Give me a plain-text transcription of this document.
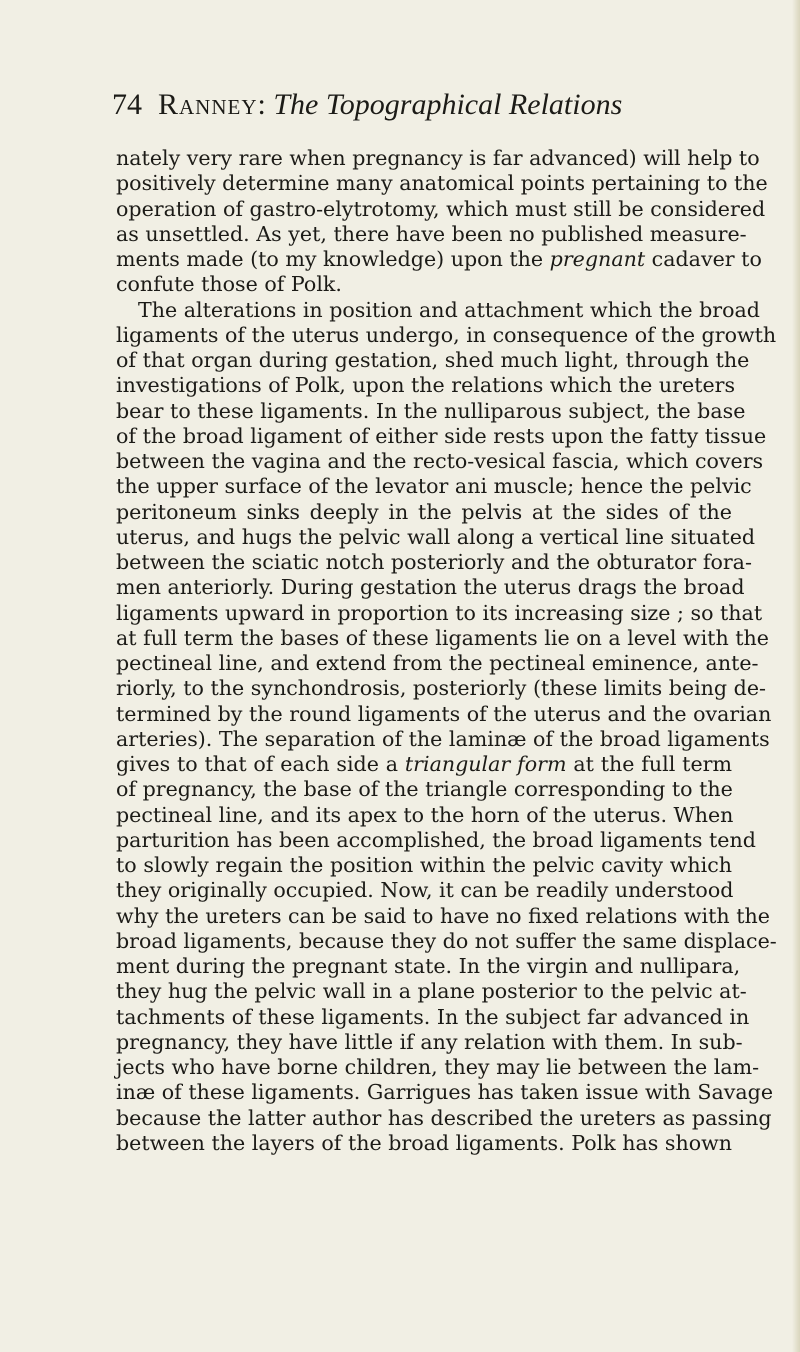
74 Ranney: The Topographical Relations
nately very rare when pregnancy is far advanced) will help to
positively determine many anatomical points pertaining to the
operation of gastro-elytrotomy, which must still be considered
as unsettled. As yet, there have been no published measure-
ments made (to my knowledge) upon the pregnant cadaver to
confute those of Polk.
The alterations in position and attachment which the broad
ligaments of the uterus undergo, in consequence of the growth
of that organ during gestation, shed much light, through the
investigations of Polk, upon the relations which the ureters
bear to these ligaments. In the nulliparous subject, the base
of the broad ligament of either side rests upon the fatty tissue
between the vagina and the recto-vesical fascia, which covers
the upper surface of the levator ani muscle; hence the pelvic
peritoneum sinks deeply in the pelvis at the sides of the
uterus, and hugs the pelvic wall along a vertical line situated
between the sciatic notch posteriorly and the obturator fora-
men anteriorly. During gestation the uterus drags the broad
ligaments upward in proportion to its increasing size ; so that
at full term the bases of these ligaments lie on a level with the
pectineal line, and extend from the pectineal eminence, ante-
riorly, to the synchondrosis, posteriorly (these limits being de-
termined by the round ligaments of the uterus and the ovarian
arteries). The separation of the laminæ of the broad ligaments
gives to that of each side a triangular form at the full term
of pregnancy, the base of the triangle corresponding to the
pectineal line, and its apex to the horn of the uterus. When
parturition has been accomplished, the broad ligaments tend
to slowly regain the position within the pelvic cavity which
they originally occupied. Now, it can be readily understood
why the ureters can be said to have no fixed relations with the
broad ligaments, because they do not suffer the same displace-
ment during the pregnant state. In the virgin and nullipara,
they hug the pelvic wall in a plane posterior to the pelvic at-
tachments of these ligaments. In the subject far advanced in
pregnancy, they have little if any relation with them. In sub-
jects who have borne children, they may lie between the lam-
inæ of these ligaments. Garrigues has taken issue with Savage
because the latter author has described the ureters as passing
between the layers of the broad ligaments. Polk has shown
